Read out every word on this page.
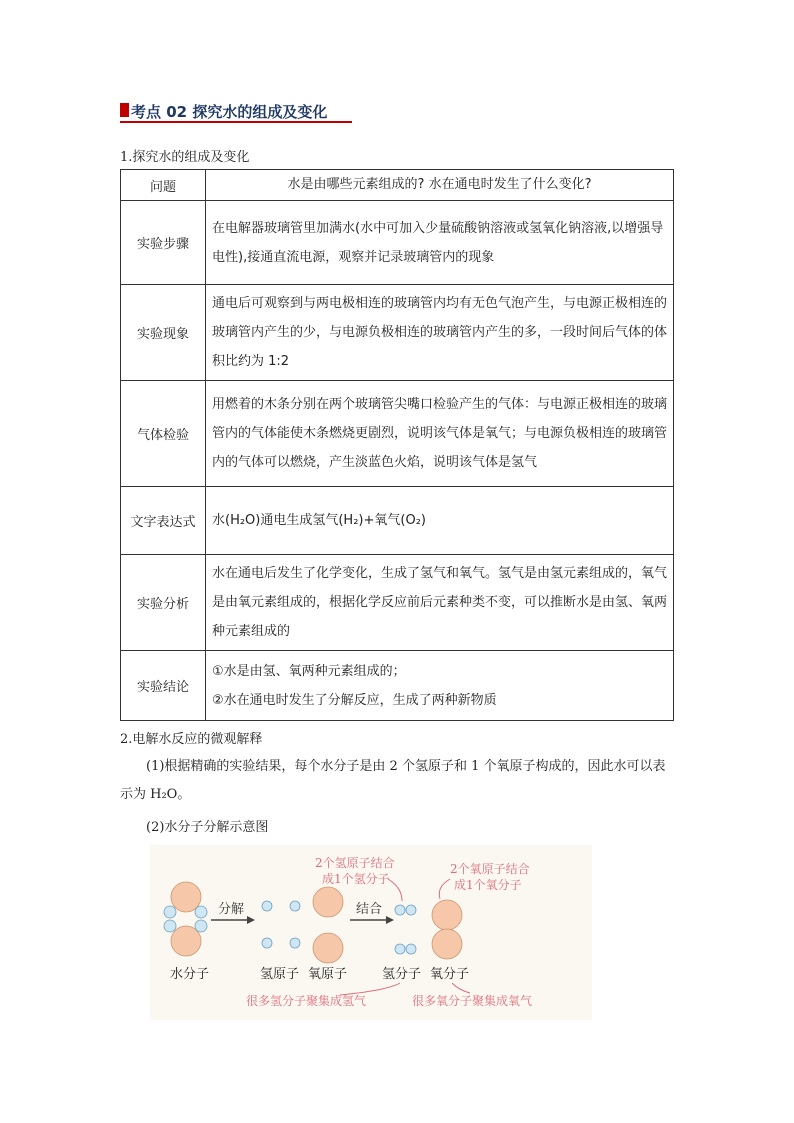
考点 02 探究水的组成及变化
1.探究水的组成及变化
问题	水是由哪些元素组成的? 水在通电时发生了什么变化?
实验步骤	在电解器玻璃管里加满水(水中可加入少量硫酸钠溶液或氢氧化钠溶液,以增强导电性),接通直流电源，观察并记录玻璃管内的现象
实验现象	通电后可观察到与两电极相连的玻璃管内均有无色气泡产生，与电源正极相连的玻璃管内产生的少，与电源负极相连的玻璃管内产生的多，一段时间后气体的体积比约为 1:2
气体检验	用燃着的木条分别在两个玻璃管尖嘴口检验产生的气体：与电源正极相连的玻璃管内的气体能使木条燃烧更剧烈，说明该气体是氧气；与电源负极相连的玻璃管内的气体可以燃烧，产生淡蓝色火焰，说明该气体是氢气
文字表达式	水(H₂O)通电生成氢气(H₂)+氧气(O₂)
实验分析	水在通电后发生了化学变化，生成了氢气和氧气。氢气是由氢元素组成的，氧气是由氧元素组成的，根据化学反应前后元素种类不变，可以推断水是由氢、氧两种元素组成的
实验结论	①水是由氢、氧两种元素组成的；
②水在通电时发生了分解反应，生成了两种新物质
2.电解水反应的微观解释
(1)根据精确的实验结果，每个水分子是由 2 个氢原子和 1 个氧原子构成的，因此水可以表示为 H₂O。
(2)水分子分解示意图
分解	结合
2个氢原子结合
成1个氢分子
2个氧原子结合
成1个氧分子
水分子	氢原子 氧原子	氢分子 氧分子
很多氢分子聚集成氢气	很多氧分子聚集成氧气
